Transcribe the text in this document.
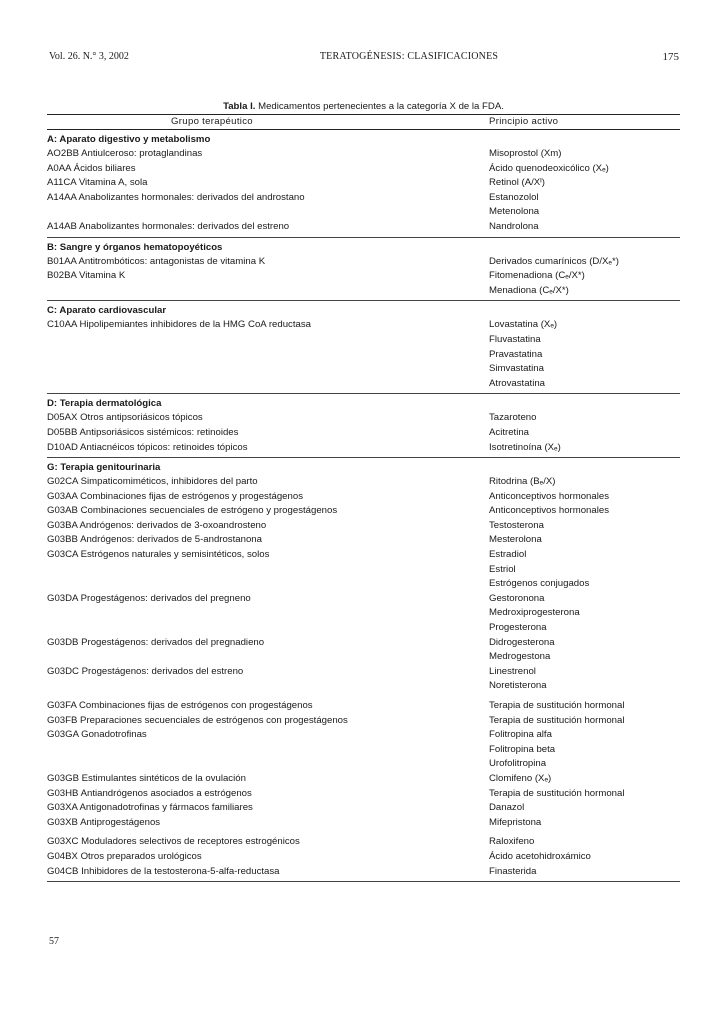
Vol. 26. N.° 3, 2002	TERATOGÉNESIS: CLASIFICACIONES	175
Tabla I. Medicamentos pertenecientes a la categoría X de la FDA.
Grupo terapéutico	Principio activo
A: Aparato digestivo y metabolismo
AO2BB Antiulceroso: protaglandinas	Misoprostol (Xm)
A0AA Ácidos biliares	Ácido quenodeoxicólico (Xₑ)
A11CA Vitamina A, sola	Retinol (A/Xᴵ)
A14AA Anabolizantes hormonales: derivados del androstano	Estanozolol
Metenolona
A14AB Anabolizantes hormonales: derivados del estreno	Nandrolona
B: Sangre y órganos hematopoyéticos
B01AA Antitrombóticos: antagonistas de vitamina K	Derivados cumarínicos (D/Xₑ*)
B02BA Vitamina K	Fitomenadiona (Cₑ/X*)
Menadiona (Cₑ/X*)
C: Aparato cardiovascular
C10AA Hipolipemiantes inhibidores de la HMG CoA reductasa	Lovastatina (Xₑ)
Fluvastatina
Pravastatina
Simvastatina
Atrovastatina
D: Terapia dermatológica
D05AX Otros antipsoriásicos tópicos	Tazaroteno
D05BB Antipsoriásicos sistémicos: retinoides	Acitretina
D10AD Antiacnéicos tópicos: retinoides tópicos	Isotretinoína (Xₑ)
G: Terapia genitourinaria
G02CA Simpaticomiméticos, inhibidores del parto	Ritodrina (Bₑ/X)
G03AA Combinaciones fijas de estrógenos y progestágenos	Anticonceptivos hormonales
G03AB Combinaciones secuenciales de estrógeno y progestágenos	Anticonceptivos hormonales
G03BA Andrógenos: derivados de 3-oxoandrosteno	Testosterona
G03BB Andrógenos: derivados de 5-androstanona	Mesterolona
G03CA Estrógenos naturales y semisintéticos, solos	Estradiol
Estriol
Estrógenos conjugados
G03DA Progestágenos: derivados del pregneno	Gestoronona
Medroxiprogesterona
Progesterona
G03DB Progestágenos: derivados del pregnadieno	Didrogesterona
Medrogestona
G03DC Progestágenos: derivados del estreno	Linestrenol
Noretisterona
G03FA Combinaciones fijas de estrógenos con progestágenos	Terapia de sustitución hormonal
G03FB Preparaciones secuenciales de estrógenos con progestágenos	Terapia de sustitución hormonal
G03GA Gonadotrofinas	Folitropina alfa
Folitropina beta
Urofolitropina
G03GB Estimulantes sintéticos de la ovulación	Clomifeno (Xₑ)
G03HB Antiandrógenos asociados a estrógenos	Terapia de sustitución hormonal
G03XA Antigonadotrofinas y fármacos familiares	Danazol
G03XB Antiprogestágenos	Mifepristona
G03XC Moduladores selectivos de receptores estrogénicos	Raloxifeno
G04BX Otros preparados urológicos	Ácido acetohidroxámico
G04CB Inhibidores de la testosterona-5-alfa-reductasa	Finasterida
57
